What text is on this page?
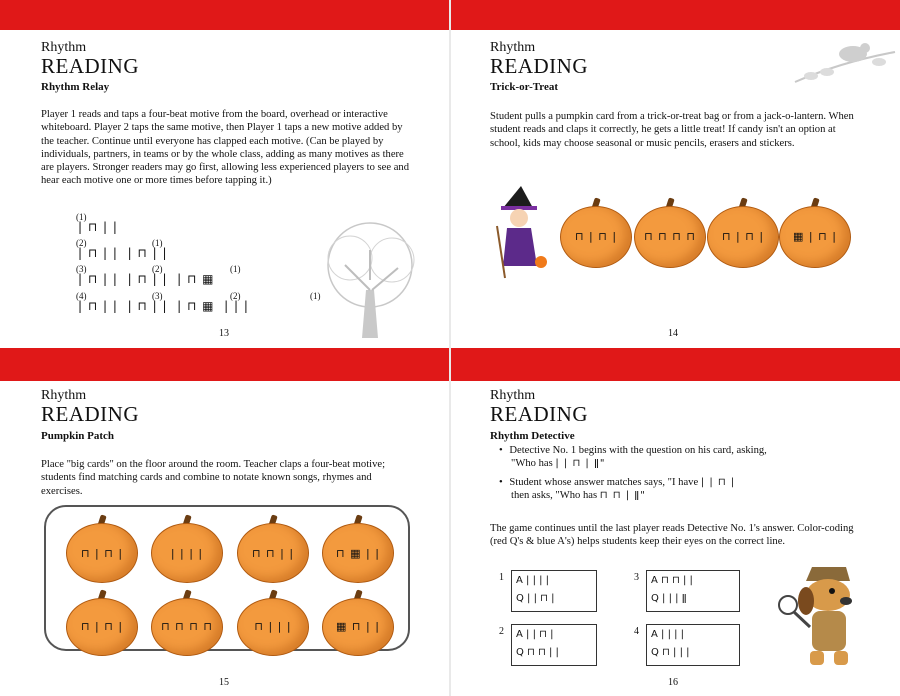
Rhythm
READING
Rhythm Relay
Player 1 reads and taps a four-beat motive from the board, overhead or interactive whiteboard. Player 2 taps the same motive, then Player 1 taps a new motive added by the teacher. Continue until everyone has clapped each motive. (Can be played by individuals, partners, in teams or by the whole class, adding as many motives as there are players. Stronger readers may go first, allowing less experienced players to see and hear each motive one or more times before tapping it.)
(1)
| ⊓ | |
(2)	(1)
| ⊓ | |  | ⊓ | |
(3)	(2)	(1)
| ⊓ | |  | ⊓ | |  | ⊓ ▦
(4)	(3)	(2)	(1)
| ⊓ | |  | ⊓ | |  | ⊓ ▦  | | |
13
Rhythm
READING
Trick-or-Treat
Student pulls a pumpkin card from a trick-or-treat bag or from a jack-o-lantern. When student reads and claps it correctly, he gets a little treat! If candy isn't an option at school, kids may choose seasonal or music pencils, erasers and stickers.
⊓ | ⊓ |	⊓ ⊓ ⊓ ⊓	⊓ | ⊓ |	▦ | ⊓ |
14
Rhythm
READING
Pumpkin Patch
Place "big cards" on the floor around the room. Teacher claps a four-beat motive; students find matching cards and combine to notate known songs, rhymes and exercises.
⊓ | ⊓ |	| | | |	⊓ ⊓ | |	⊓ ▦ | |
⊓ | ⊓ |	⊓ ⊓ ⊓ ⊓	⊓ | | |	▦ ⊓ | |
15
Rhythm
READING
Rhythm Detective
• Detective No. 1 begins with the question on his card, asking,
"Who has | | ⊓ | ǁ"
• Student whose answer matches says, "I have | | ⊓ |
then asks, "Who has ⊓ ⊓ | ǁ"
The game continues until the last player reads Detective No. 1's answer. Color-coding (red Q's & blue A's) helps students keep their eyes on the correct line.
1 A | | | |
Q | | ⊓ |
3 A ⊓ ⊓ | |
Q | | | ǁ
2 A | | ⊓ |
Q ⊓ ⊓ | |
4 A | | | |
Q ⊓ | | |
16
